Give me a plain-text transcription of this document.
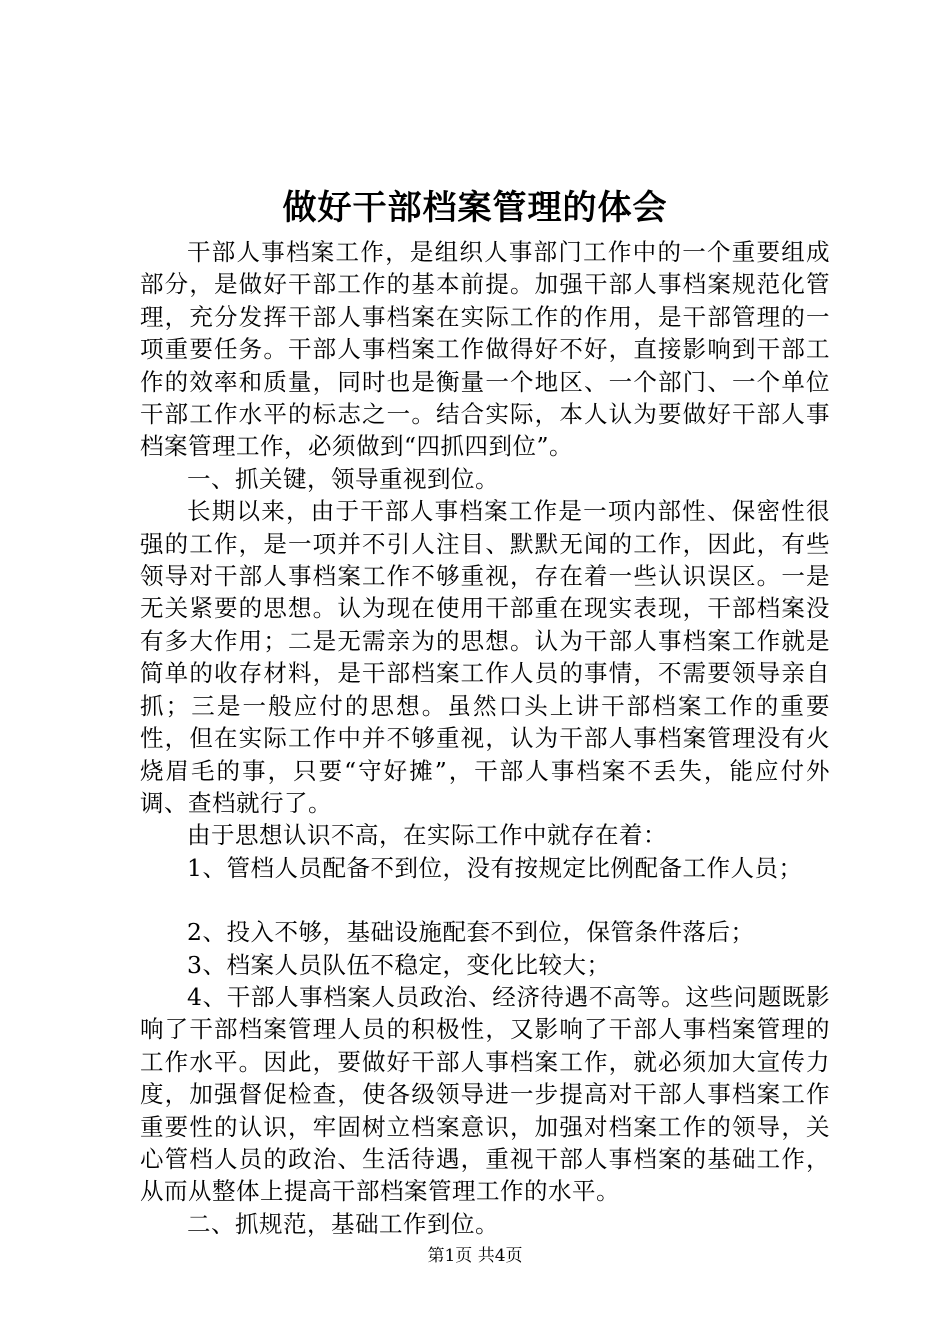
做好干部档案管理的体会

干部人事档案工作，是组织人事部门工作中的一个重要组成部分，是做好干部工作的基本前提。加强干部人事档案规范化管理，充分发挥干部人事档案在实际工作的作用，是干部管理的一项重要任务。干部人事档案工作做得好不好，直接影响到干部工作的效率和质量，同时也是衡量一个地区、一个部门、一个单位干部工作水平的标志之一。结合实际，本人认为要做好干部人事档案管理工作，必须做到“四抓四到位”。

一、抓关键，领导重视到位。

长期以来，由于干部人事档案工作是一项内部性、保密性很强的工作，是一项并不引人注目、默默无闻的工作，因此，有些领导对干部人事档案工作不够重视，存在着一些认识误区。一是无关紧要的思想。认为现在使用干部重在现实表现，干部档案没有多大作用；二是无需亲为的思想。认为干部人事档案工作就是简单的收存材料，是干部档案工作人员的事情，不需要领导亲自抓；三是一般应付的思想。虽然口头上讲干部档案工作的重要性，但在实际工作中并不够重视，认为干部人事档案管理没有火烧眉毛的事，只要“守好摊”，干部人事档案不丢失，能应付外调、查档就行了。

由于思想认识不高，在实际工作中就存在着：

1、管档人员配备不到位，没有按规定比例配备工作人员；

2、投入不够，基础设施配套不到位，保管条件落后；

3、档案人员队伍不稳定，变化比较大；

4、干部人事档案人员政治、经济待遇不高等。这些问题既影响了干部档案管理人员的积极性，又影响了干部人事档案管理的工作水平。因此，要做好干部人事档案工作，就必须加大宣传力度，加强督促检查，使各级领导进一步提高对干部人事档案工作重要性的认识，牢固树立档案意识，加强对档案工作的领导，关心管档人员的政治、生活待遇，重视干部人事档案的基础工作，从而从整体上提高干部档案管理工作的水平。

二、抓规范，基础工作到位。

第1页 共4页
